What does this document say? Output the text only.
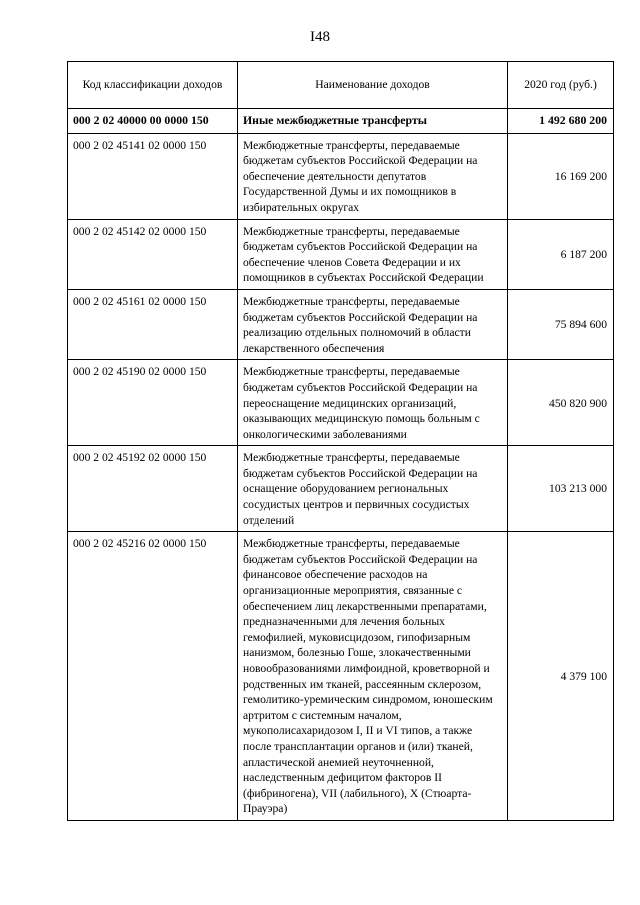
I48
Код классификации доходов	Наименование доходов	2020 год (руб.)
000 2 02 40000 00 0000 150	Иные межбюджетные трансферты	1 492 680 200
000 2 02 45141 02 0000 150	Межбюджетные трансферты, передаваемые бюджетам субъектов Российской Федерации на обеспечение деятельности депутатов Государственной Думы и их помощников в избирательных округах	16 169 200
000 2 02 45142 02 0000 150	Межбюджетные трансферты, передаваемые бюджетам субъектов Российской Федерации на обеспечение членов Совета Федерации и их помощников в субъектах Российской Федерации	6 187 200
000 2 02 45161 02 0000 150	Межбюджетные трансферты, передаваемые бюджетам субъектов Российской Федерации на реализацию отдельных полномочий в области лекарственного обеспечения	75 894 600
000 2 02 45190 02 0000 150	Межбюджетные трансферты, передаваемые бюджетам субъектов Российской Федерации на переоснащение медицинских организаций, оказывающих медицинскую помощь больным с онкологическими заболеваниями	450 820 900
000 2 02 45192 02 0000 150	Межбюджетные трансферты, передаваемые бюджетам субъектов Российской Федерации на оснащение оборудованием региональных сосудистых центров и первичных сосудистых отделений	103 213 000
000 2 02 45216 02 0000 150	Межбюджетные трансферты, передаваемые бюджетам субъектов Российской Федерации на финансовое обеспечение расходов на организационные мероприятия, связанные с обеспечением лиц лекарственными препаратами, предназначенными для лечения больных гемофилией, муковисцидозом, гипофизарным нанизмом, болезнью Гоше, злокачественными новообразованиями лимфоидной, кроветворной и родственных им тканей, рассеянным склерозом, гемолитико-уремическим синдромом, юношеским артритом с системным началом, мукополисахаридозом I, II и VI типов, а также после трансплантации органов и (или) тканей, апластической анемией неуточненной, наследственным дефицитом факторов II (фибриногена), VII (лабильного), X (Стюарта-Прауэра)	4 379 100
